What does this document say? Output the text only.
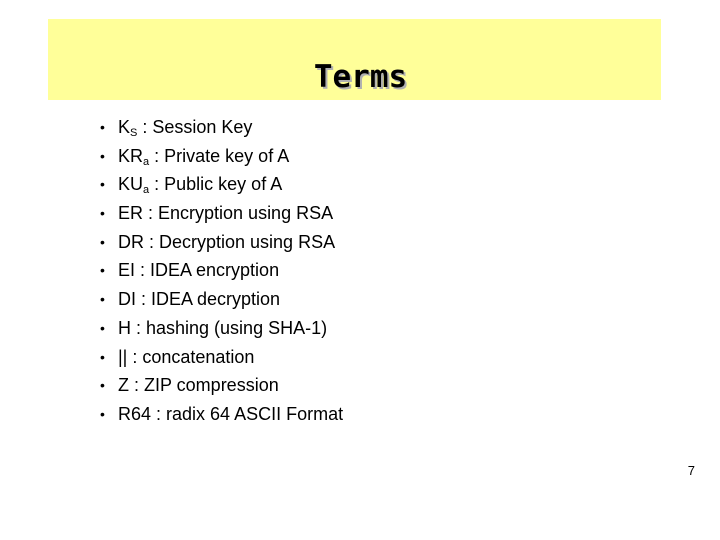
Terms
• $K_S$ : Session Key
• $KR_a$ : Private key of A
• $KU_a$ : Public key of A
• ER : Encryption using RSA
• DR : Decryption using RSA
• EI : IDEA encryption
• DI : IDEA decryption
• H : hashing (using SHA-1)
• || : concatenation
• Z : ZIP compression
• R64 : radix 64 ASCII Format
7
